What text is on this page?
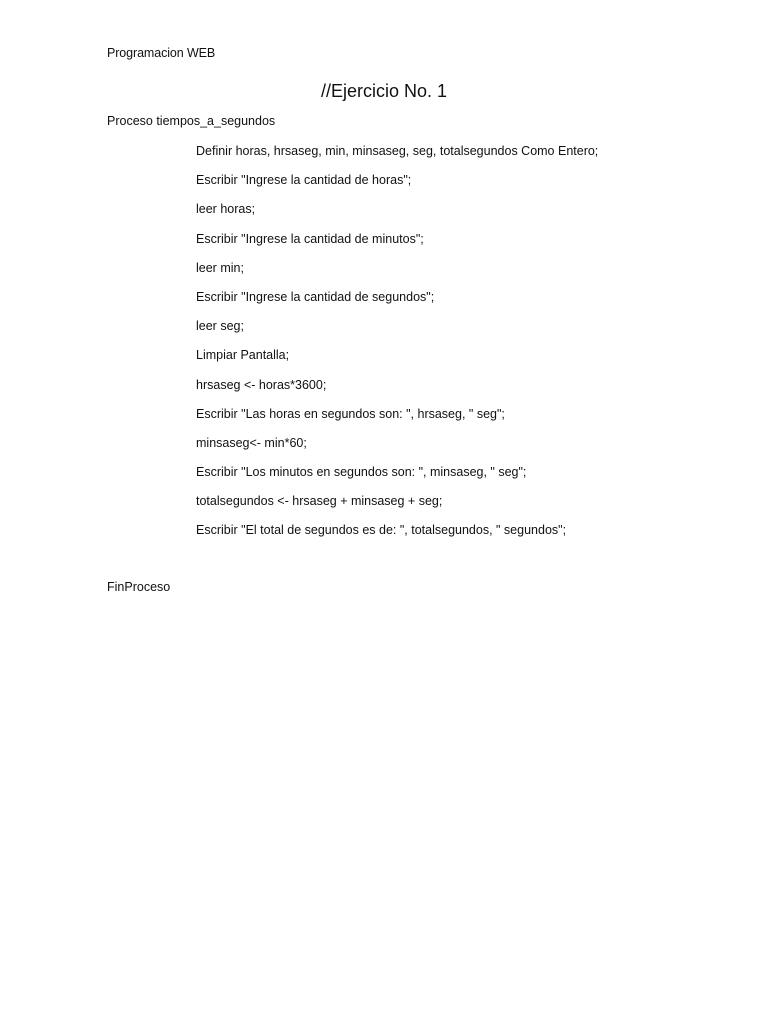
Programacion WEB
//Ejercicio No. 1
Proceso tiempos_a_segundos
Definir horas, hrsaseg, min, minsaseg, seg, totalsegundos Como Entero;
Escribir "Ingrese la cantidad de horas";
leer horas;
Escribir "Ingrese la cantidad de minutos";
leer min;
Escribir "Ingrese la cantidad de segundos";
leer seg;
Limpiar Pantalla;
hrsaseg <- horas*3600;
Escribir "Las horas en segundos son: ", hrsaseg, " seg";
minsaseg<- min*60;
Escribir "Los minutos en segundos son: ", minsaseg, " seg";
totalsegundos <- hrsaseg + minsaseg + seg;
Escribir "El total de segundos es de: ", totalsegundos, " segundos";
FinProceso
